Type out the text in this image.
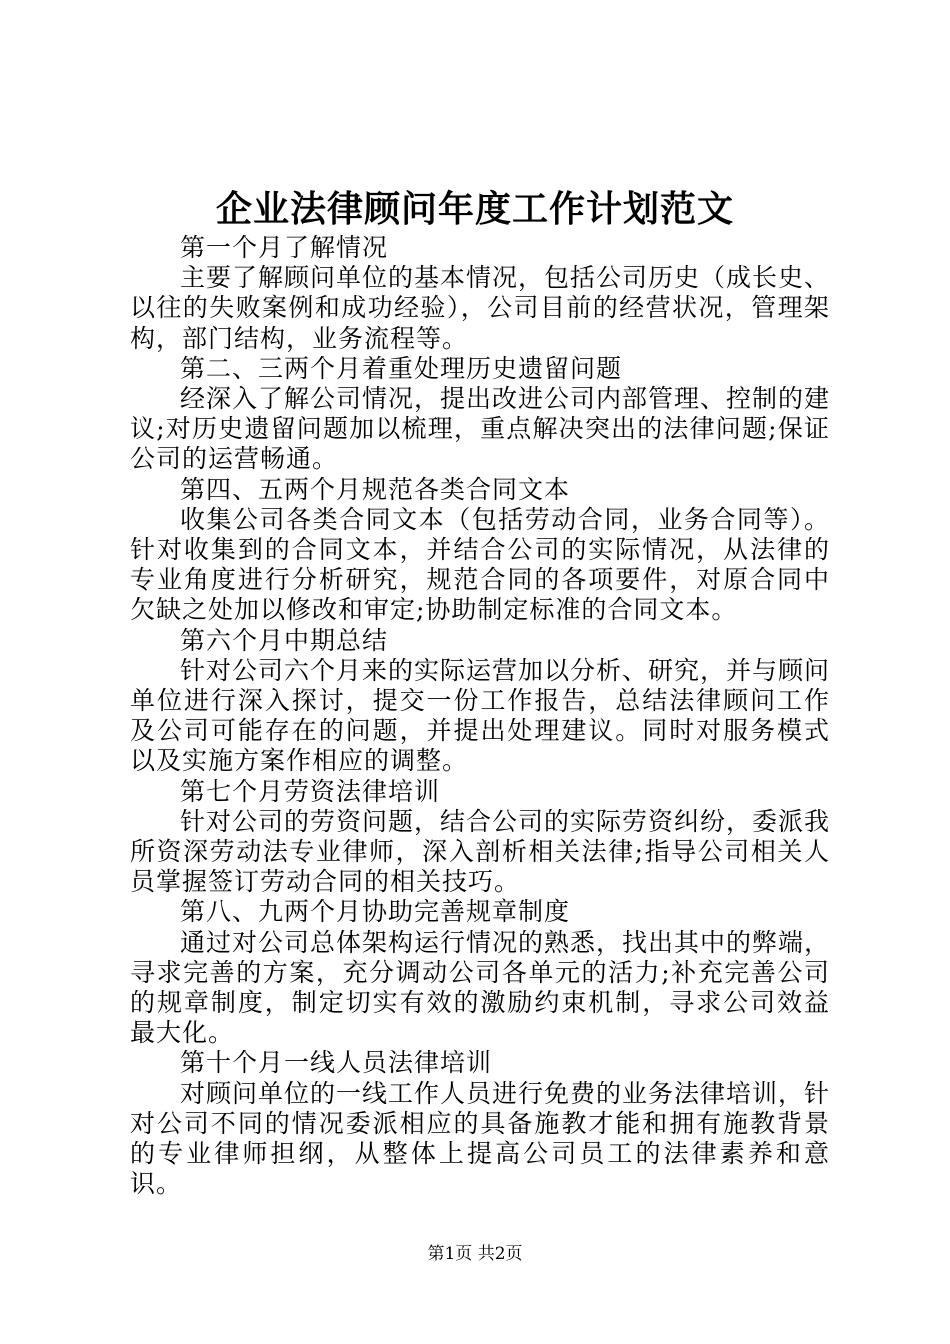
企业法律顾问年度工作计划范文

第一个月了解情况

主要了解顾问单位的基本情况，包括公司历史（成长史、以往的失败案例和成功经验），公司目前的经营状况，管理架构，部门结构，业务流程等。

第二、三两个月着重处理历史遗留问题

经深入了解公司情况，提出改进公司内部管理、控制的建议;对历史遗留问题加以梳理，重点解决突出的法律问题;保证公司的运营畅通。

第四、五两个月规范各类合同文本

收集公司各类合同文本（包括劳动合同，业务合同等）。针对收集到的合同文本，并结合公司的实际情况，从法律的专业角度进行分析研究，规范合同的各项要件，对原合同中欠缺之处加以修改和审定;协助制定标准的合同文本。

第六个月中期总结

针对公司六个月来的实际运营加以分析、研究，并与顾问单位进行深入探讨，提交一份工作报告，总结法律顾问工作及公司可能存在的问题，并提出处理建议。同时对服务模式以及实施方案作相应的调整。

第七个月劳资法律培训

针对公司的劳资问题，结合公司的实际劳资纠纷，委派我所资深劳动法专业律师，深入剖析相关法律;指导公司相关人员掌握签订劳动合同的相关技巧。

第八、九两个月协助完善规章制度

通过对公司总体架构运行情况的熟悉，找出其中的弊端，寻求完善的方案，充分调动公司各单元的活力;补充完善公司的规章制度，制定切实有效的激励约束机制，寻求公司效益最大化。

第十个月一线人员法律培训

对顾问单位的一线工作人员进行免费的业务法律培训，针对公司不同的情况委派相应的具备施教才能和拥有施教背景的专业律师担纲，从整体上提高公司员工的法律素养和意识。

第1页 共2页
